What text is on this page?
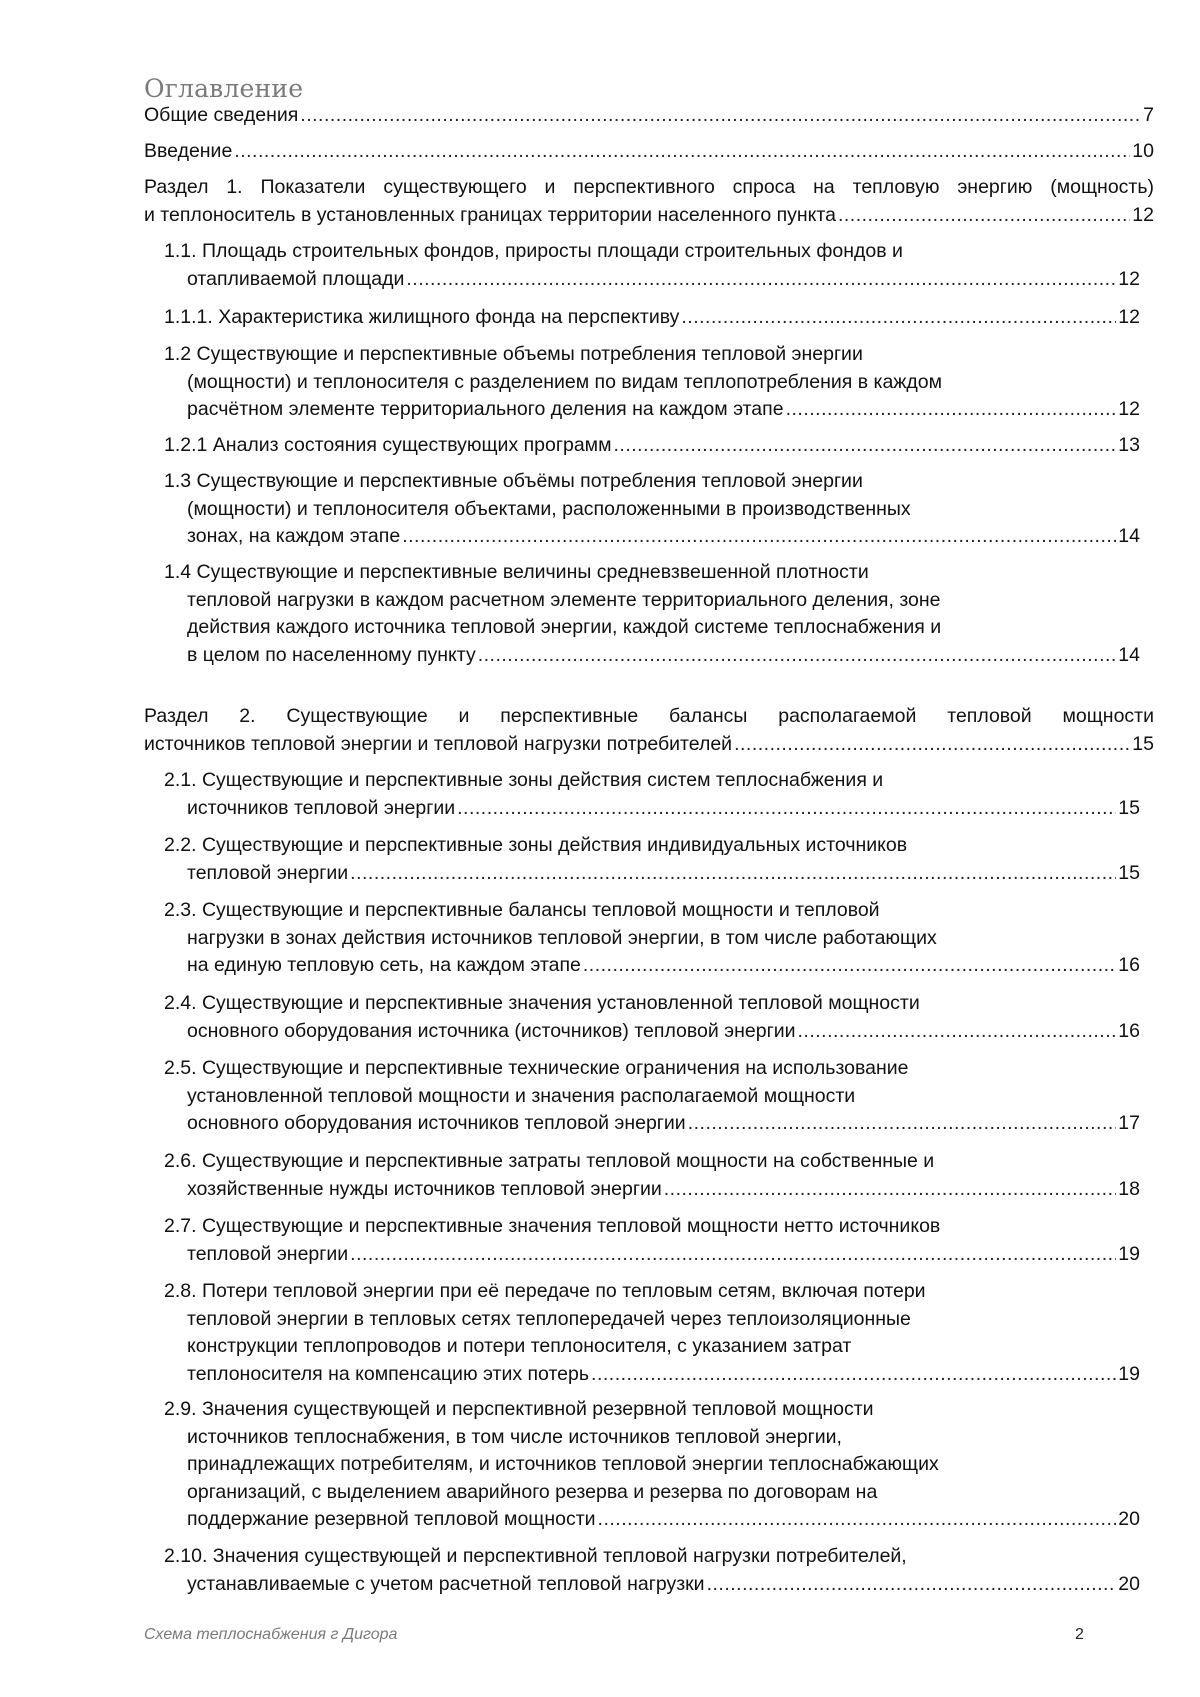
Оглавление
Общие сведения .....	7
Введение .....	10
Раздел 1. Показатели существующего и перспективного спроса на тепловую энергию (мощность)
и теплоноситель в установленных границах территории населенного пункта .....	12
1.1. Площадь строительных фондов, приросты площади строительных фондов и
отапливаемой площади .....	12
1.1.1. Характеристика жилищного фонда на перспективу .....	12
1.2 Существующие и перспективные объемы потребления тепловой энергии
(мощности) и теплоносителя с разделением по видам теплопотребления в каждом
расчётном элементе территориального деления на каждом этапе .....	12
1.2.1 Анализ состояния существующих программ .....	13
1.3 Существующие и перспективные объёмы потребления тепловой энергии
(мощности) и теплоносителя объектами, расположенными в производственных
зонах, на каждом этапе .....	14
1.4 Существующие и перспективные величины средневзвешенной плотности
тепловой нагрузки в каждом расчетном элементе территориального деления, зоне
действия каждого источника тепловой энергии, каждой системе теплоснабжения и
в целом по населенному пункту .....	14
Раздел 2. Существующие и перспективные балансы располагаемой тепловой мощности
источников тепловой энергии и тепловой нагрузки потребителей .....	15
2.1. Существующие и перспективные зоны действия систем теплоснабжения и
источников тепловой энергии .....	15
2.2. Существующие и перспективные зоны действия индивидуальных источников
тепловой энергии .....	15
2.3. Существующие и перспективные балансы тепловой мощности и тепловой
нагрузки в зонах действия источников тепловой энергии, в том числе работающих
на единую тепловую сеть, на каждом этапе .....	16
2.4. Существующие и перспективные значения установленной тепловой мощности
основного оборудования источника (источников) тепловой энергии .....	16
2.5. Существующие и перспективные технические ограничения на использование
установленной тепловой мощности и значения располагаемой мощности
основного оборудования источников тепловой энергии .....	17
2.6. Существующие и перспективные затраты тепловой мощности на собственные и
хозяйственные нужды источников тепловой энергии .....	18
2.7. Существующие и перспективные значения тепловой мощности нетто источников
тепловой энергии .....	19
2.8. Потери тепловой энергии при её передаче по тепловым сетям, включая потери
тепловой энергии в тепловых сетях теплопередачей через теплоизоляционные
конструкции теплопроводов и потери теплоносителя, с указанием затрат
теплоносителя на компенсацию этих потерь .....	19
2.9. Значения существующей и перспективной резервной тепловой мощности
источников теплоснабжения, в том числе источников тепловой энергии,
принадлежащих потребителям, и источников тепловой энергии теплоснабжающих
организаций, с выделением аварийного резерва и резерва по договорам на
поддержание резервной тепловой мощности .....	20
2.10. Значения существующей и перспективной тепловой нагрузки потребителей,
устанавливаемые с учетом расчетной тепловой нагрузки .....	20
Схема теплоснабжения г Дигора	2
